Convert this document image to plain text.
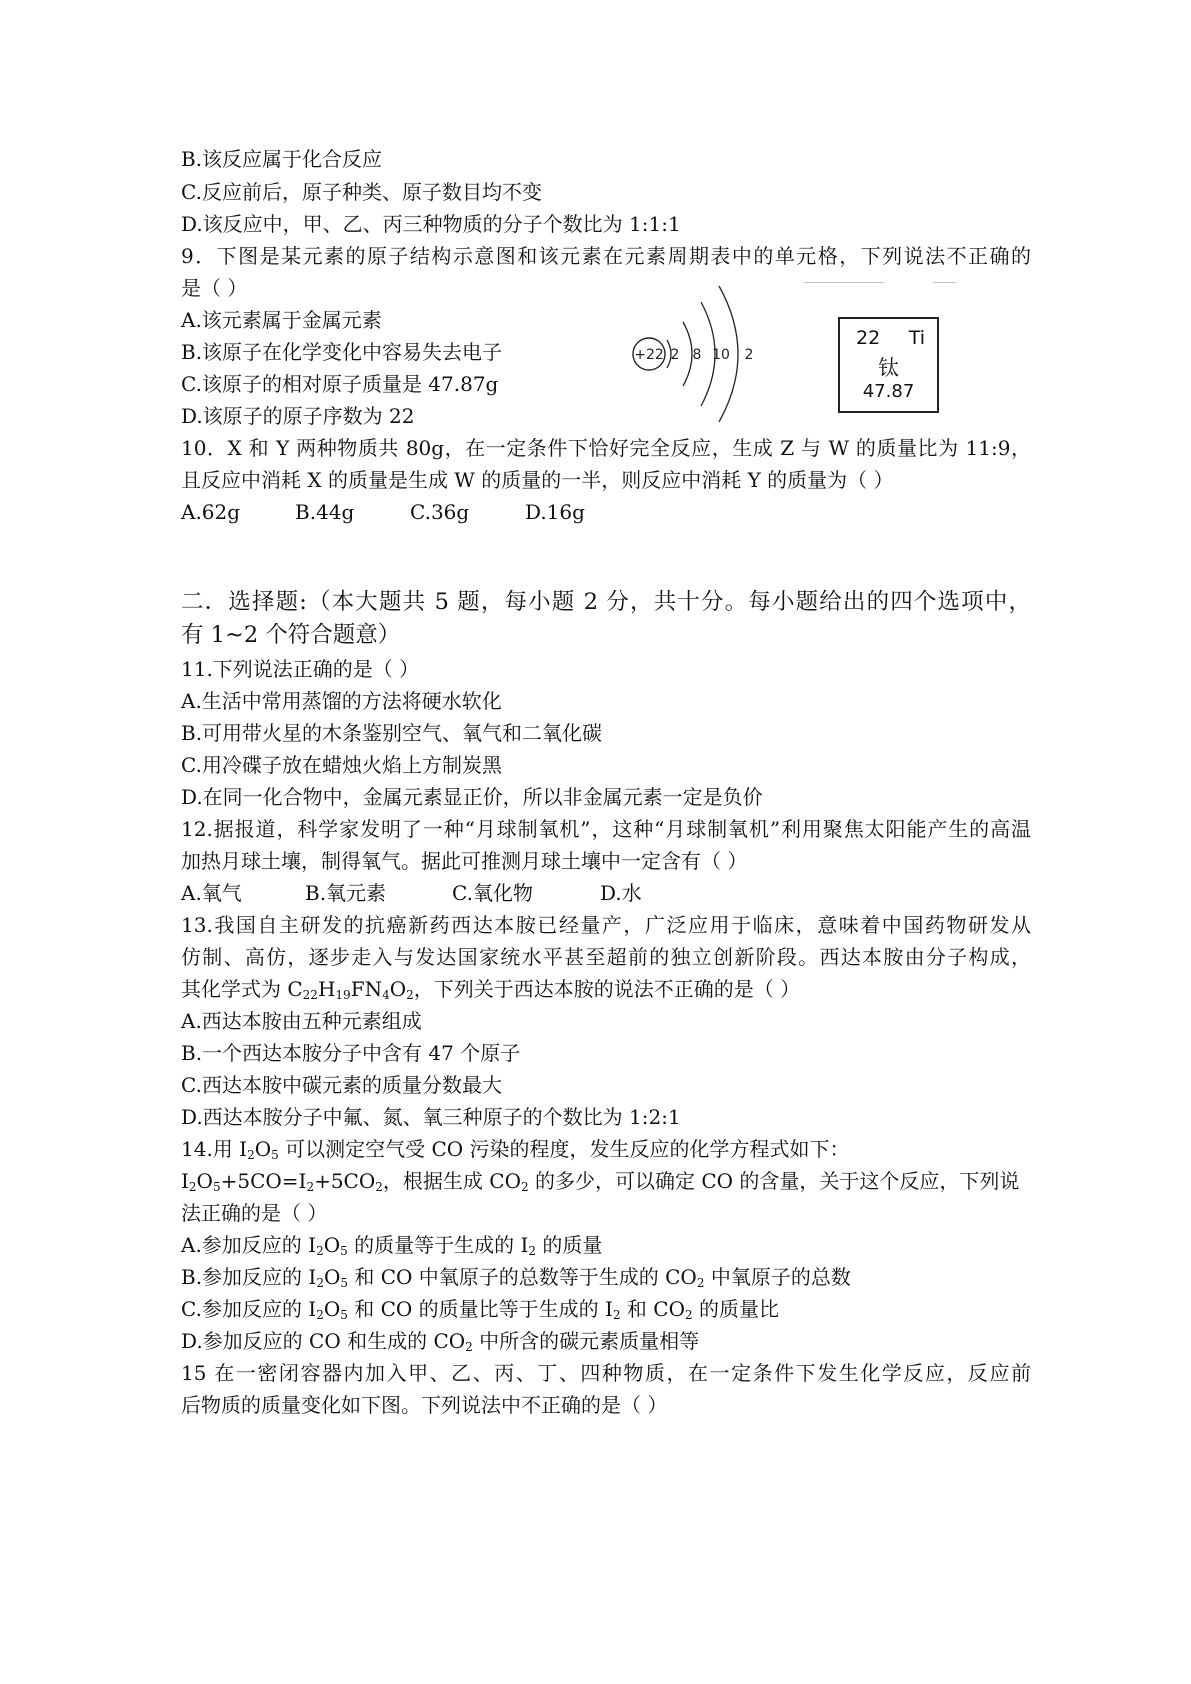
B.该反应属于化合反应
C.反应前后，原子种类、原子数目均不变
D.该反应中，甲、乙、丙三种物质的分子个数比为 1:1:1
9．下图是某元素的原子结构示意图和该元素在元素周期表中的单元格，下列说法不正确的
是（ ）
A.该元素属于金属元素
B.该原子在化学变化中容易失去电子
C.该原子的相对原子质量是 47.87g
D.该原子的原子序数为 22
10．X 和 Y 两种物质共 80g，在一定条件下恰好完全反应，生成 Z 与 W 的质量比为 11:9，
且反应中消耗 X 的质量是生成 W 的质量的一半，则反应中消耗 Y 的质量为（ ）
A.62g	B.44g	C.36g	D.16g
二．选择题:（本大题共 5 题，每小题 2 分，共十分。每小题给出的四个选项中，
有 1~2 个符合题意）
11.下列说法正确的是（ ）
A.生活中常用蒸馏的方法将硬水软化
B.可用带火星的木条鉴别空气、氧气和二氧化碳
C.用冷碟子放在蜡烛火焰上方制炭黑
D.在同一化合物中，金属元素显正价，所以非金属元素一定是负价
12.据报道，科学家发明了一种“月球制氧机”，这种“月球制氧机”利用聚焦太阳能产生的高温
加热月球土壤，制得氧气。据此可推测月球土壤中一定含有（ ）
A.氧气	B.氧元素	C.氧化物	D.水
13.我国自主研发的抗癌新药西达本胺已经量产，广泛应用于临床，意味着中国药物研发从
仿制、高仿，逐步走入与发达国家统水平甚至超前的独立创新阶段。西达本胺由分子构成，
其化学式为 $C_{22}H_{19}FN_4O_2$，下列关于西达本胺的说法不正确的是（ ）
A.西达本胺由五种元素组成
B.一个西达本胺分子中含有 47 个原子
C.西达本胺中碳元素的质量分数最大
D.西达本胺分子中氟、氮、氧三种原子的个数比为 1:2:1
14.用 $I_2O_5$ 可以测定空气受 CO 污染的程度，发生反应的化学方程式如下：
$I_2O_5+5CO=I_2+5CO_2$，根据生成 $CO_2$ 的多少，可以确定 CO 的含量，关于这个反应，下列说
法正确的是（ ）
A.参加反应的 $I_2O_5$ 的质量等于生成的 $I_2$ 的质量
B.参加反应的 $I_2O_5$ 和 CO 中氧原子的总数等于生成的 $CO_2$ 中氧原子的总数
C.参加反应的 $I_2O_5$ 和 CO 的质量比等于生成的 $I_2$ 和 $CO_2$ 的质量比
D.参加反应的 CO 和生成的 $CO_2$ 中所含的碳元素质量相等
15 在一密闭容器内加入甲、乙、丙、丁、四种物质，在一定条件下发生化学反应，反应前
后物质的质量变化如下图。下列说法中不正确的是（ ）
+22 2 8 10 2
22 Ti
钛
47.87
